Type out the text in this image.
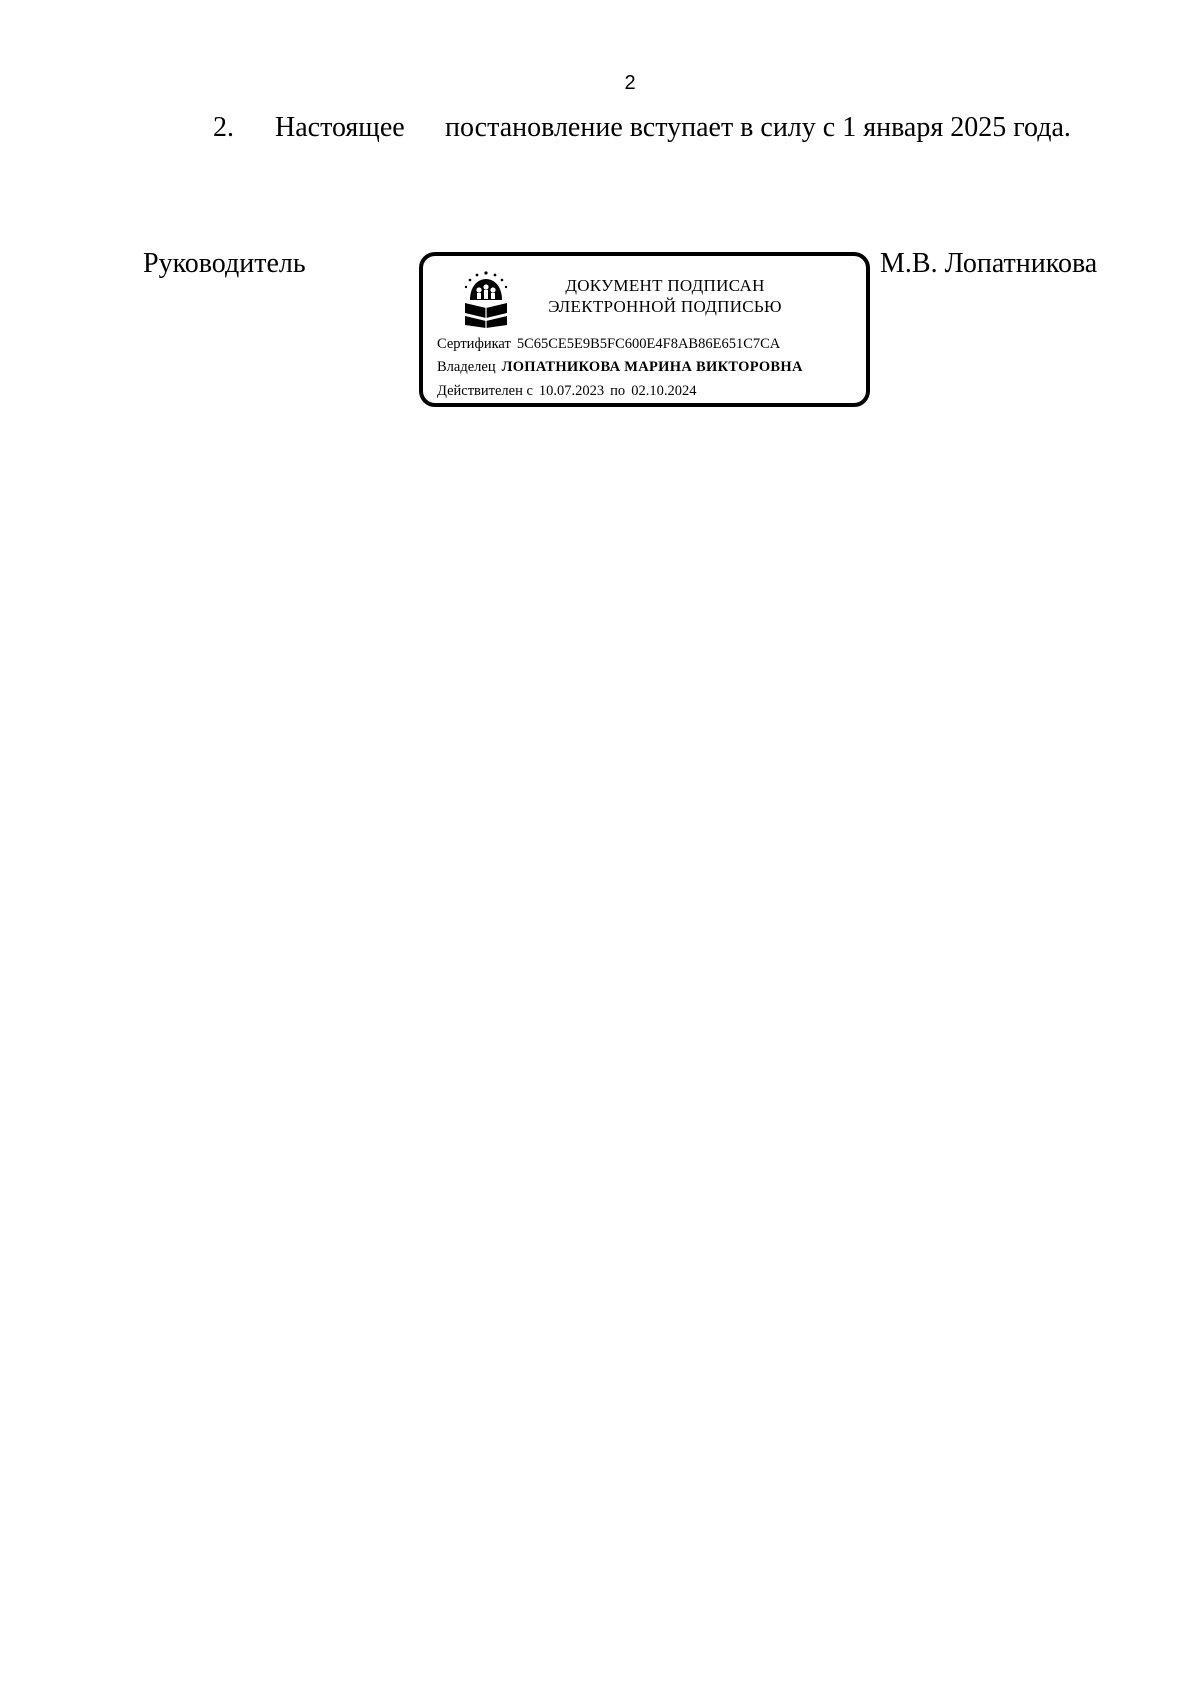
2
2. Настоящее постановление вступает в силу с 1 января 2025 года.
Руководитель	М.В. Лопатникова
ДОКУМЕНТ ПОДПИСАН
ЭЛЕКТРОННОЙ ПОДПИСЬЮ
Сертификат 5C65CE5E9B5FC600E4F8AB86E651C7CA
Владелец ЛОПАТНИКОВА МАРИНА ВИКТОРОВНА
Действителен с 10.07.2023 по 02.10.2024
